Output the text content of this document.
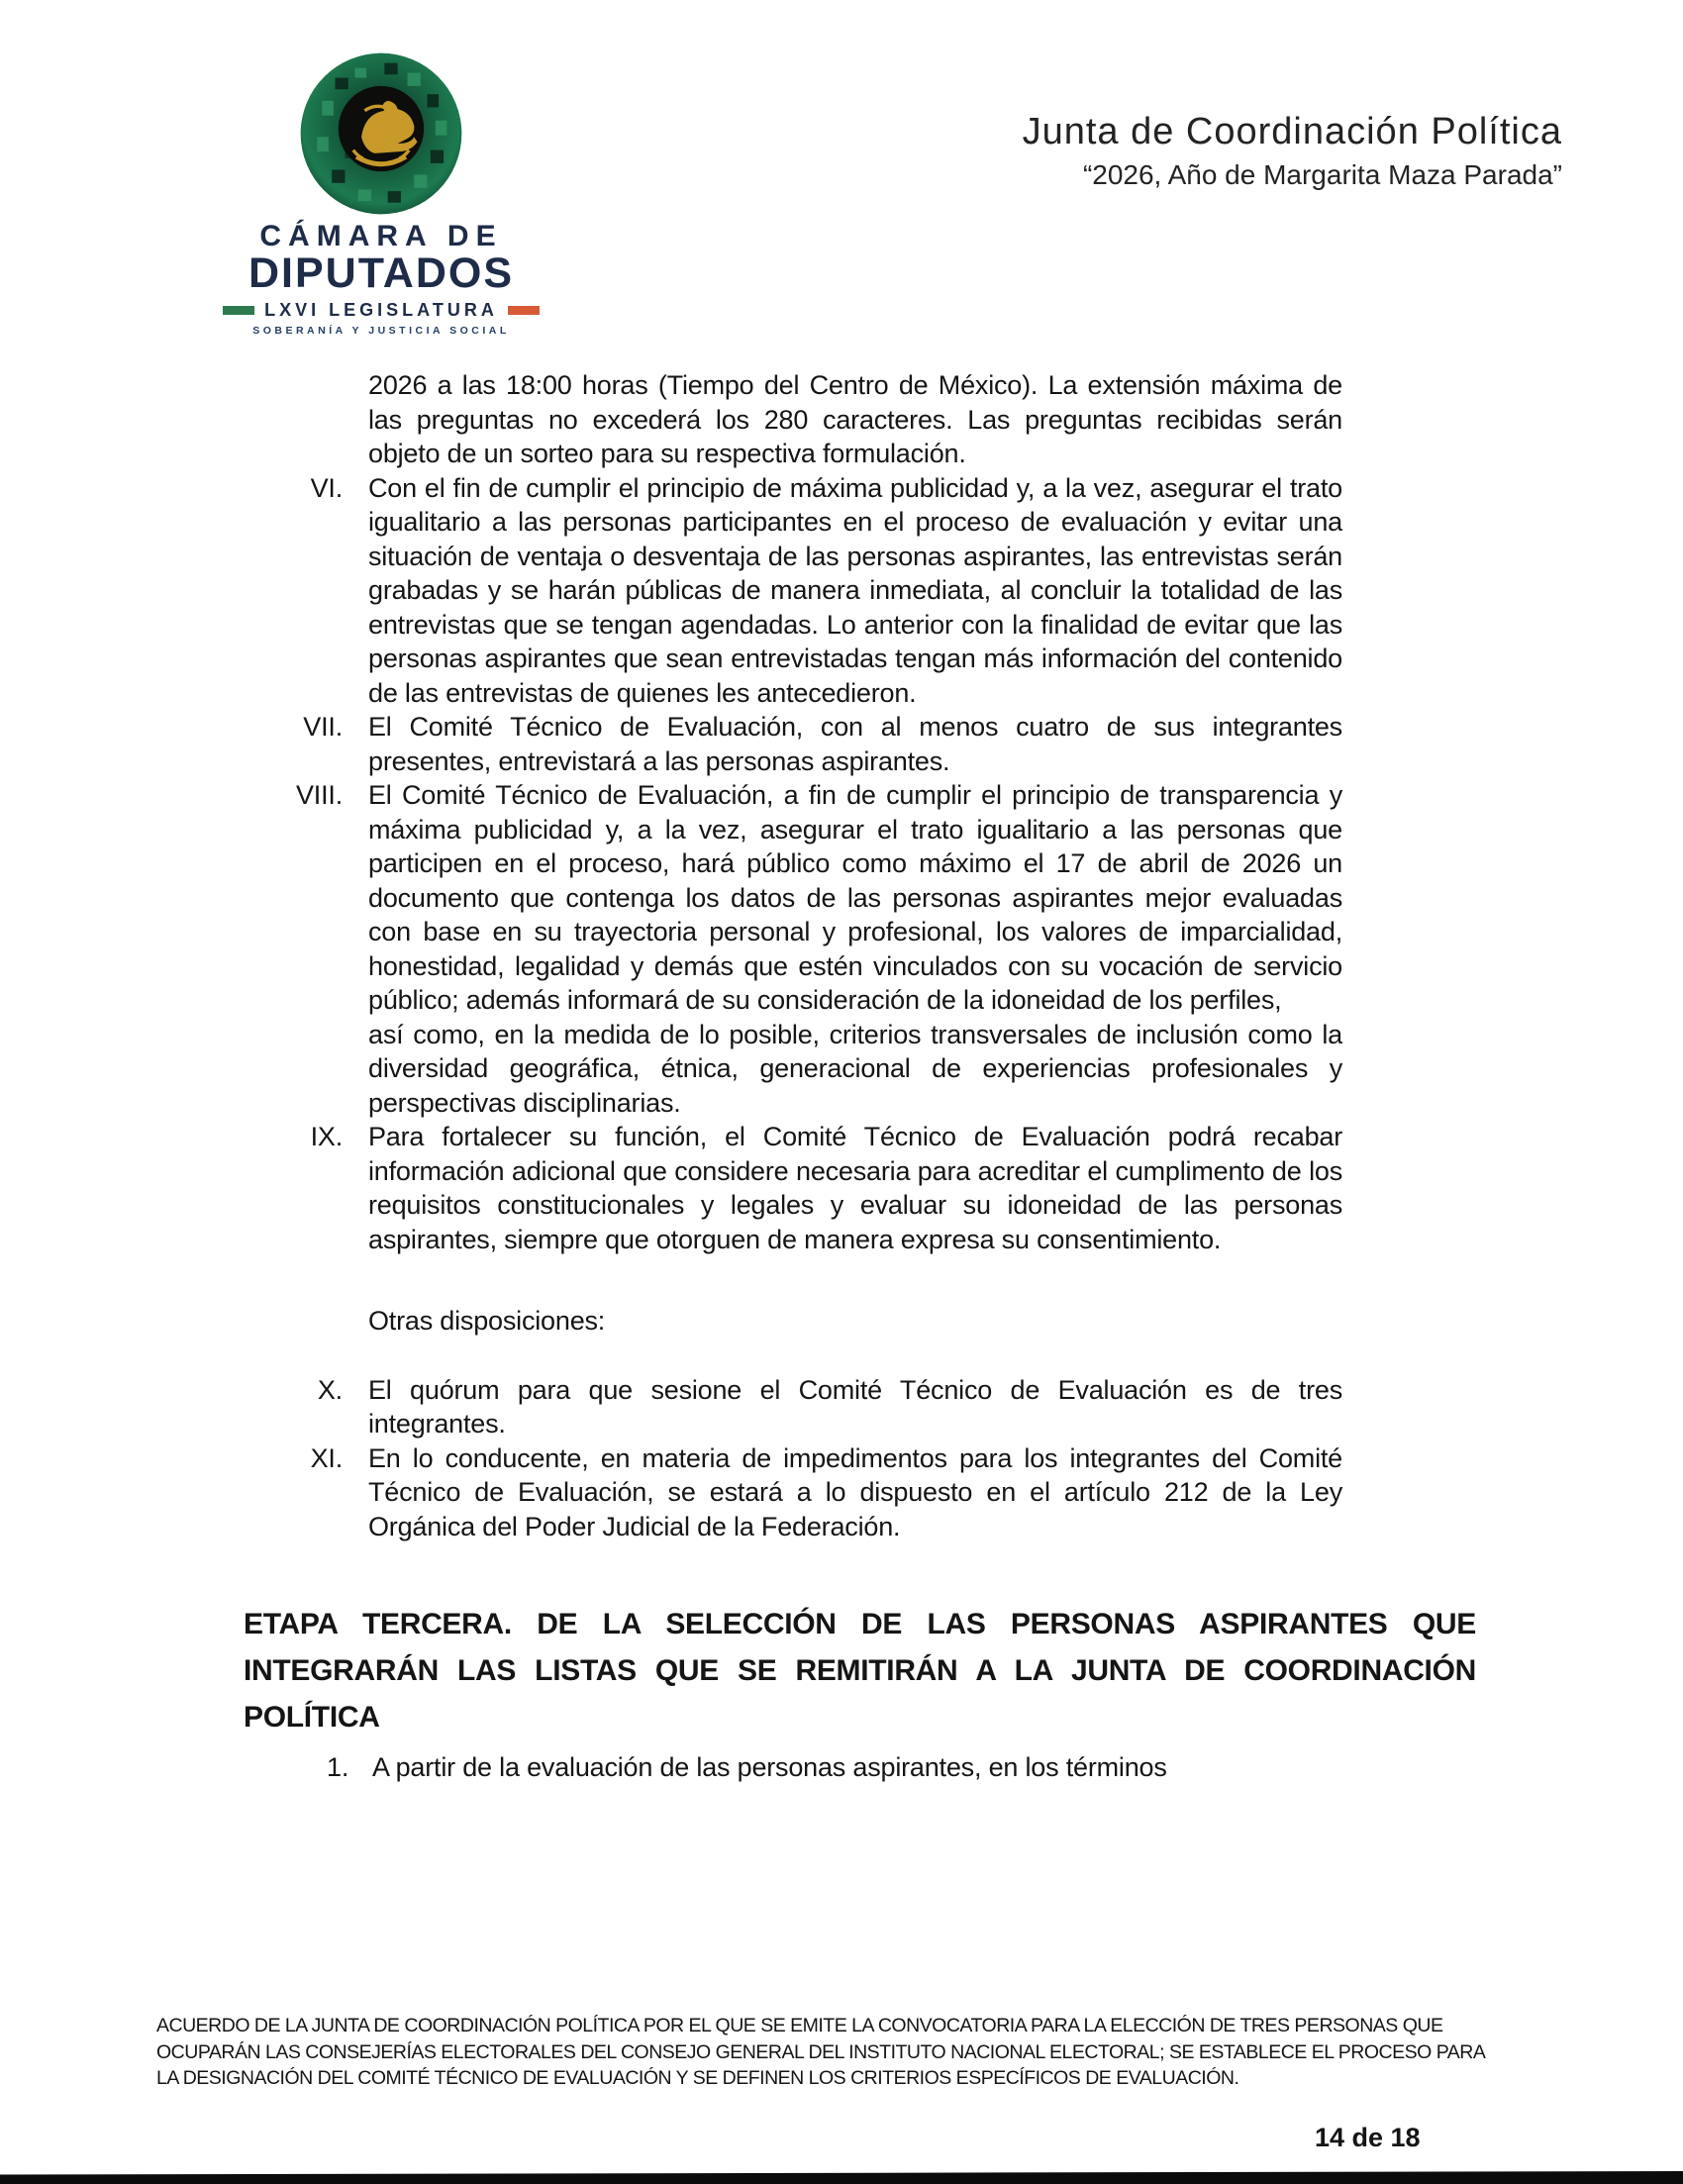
CÁMARA DE
DIPUTADOS
LXVI LEGISLATURA
SOBERANÍA Y JUSTICIA SOCIAL
Junta de Coordinación Política
“2026, Año de Margarita Maza Parada”
2026 a las 18:00 horas (Tiempo del Centro de México). La extensión máxima de las preguntas no excederá los 280 caracteres. Las preguntas recibidas serán objeto de un sorteo para su respectiva formulación.
VI. Con el fin de cumplir el principio de máxima publicidad y, a la vez, asegurar el trato igualitario a las personas participantes en el proceso de evaluación y evitar una situación de ventaja o desventaja de las personas aspirantes, las entrevistas serán grabadas y se harán públicas de manera inmediata, al concluir la totalidad de las entrevistas que se tengan agendadas. Lo anterior con la finalidad de evitar que las personas aspirantes que sean entrevistadas tengan más información del contenido de las entrevistas de quienes les antecedieron.
VII. El Comité Técnico de Evaluación, con al menos cuatro de sus integrantes presentes, entrevistará a las personas aspirantes.
VIII. El Comité Técnico de Evaluación, a fin de cumplir el principio de transparencia y máxima publicidad y, a la vez, asegurar el trato igualitario a las personas que participen en el proceso, hará público como máximo el 17 de abril de 2026 un documento que contenga los datos de las personas aspirantes mejor evaluadas con base en su trayectoria personal y profesional, los valores de imparcialidad, honestidad, legalidad y demás que estén vinculados con su vocación de servicio público; además informará de su consideración de la idoneidad de los perfiles,

así como, en la medida de lo posible, criterios transversales de inclusión como la diversidad geográfica, étnica, generacional de experiencias profesionales y perspectivas disciplinarias.

IX. Para fortalecer su función, el Comité Técnico de Evaluación podrá recabar información adicional que considere necesaria para acreditar el cumplimento de los requisitos constitucionales y legales y evaluar su idoneidad de las personas aspirantes, siempre que otorguen de manera expresa su consentimiento.
Otras disposiciones:
X. El quórum para que sesione el Comité Técnico de Evaluación es de tres integrantes.
XI. En lo conducente, en materia de impedimentos para los integrantes del Comité Técnico de Evaluación, se estará a lo dispuesto en el artículo 212 de la Ley Orgánica del Poder Judicial de la Federación.
ETAPA TERCERA. DE LA SELECCIÓN DE LAS PERSONAS ASPIRANTES QUE INTEGRARÁN LAS LISTAS QUE SE REMITIRÁN A LA JUNTA DE COORDINACIÓN POLÍTICA
1. A partir de la evaluación de las personas aspirantes, en los términos
ACUERDO DE LA JUNTA DE COORDINACIÓN POLÍTICA POR EL QUE SE EMITE LA CONVOCATORIA PARA LA ELECCIÓN DE TRES PERSONAS QUE
OCUPARÁN LAS CONSEJERÍAS ELECTORALES DEL CONSEJO GENERAL DEL INSTITUTO NACIONAL ELECTORAL; SE ESTABLECE EL PROCESO PARA
LA DESIGNACIÓN DEL COMITÉ TÉCNICO DE EVALUACIÓN Y SE DEFINEN LOS CRITERIOS ESPECÍFICOS DE EVALUACIÓN.
14 de 18
